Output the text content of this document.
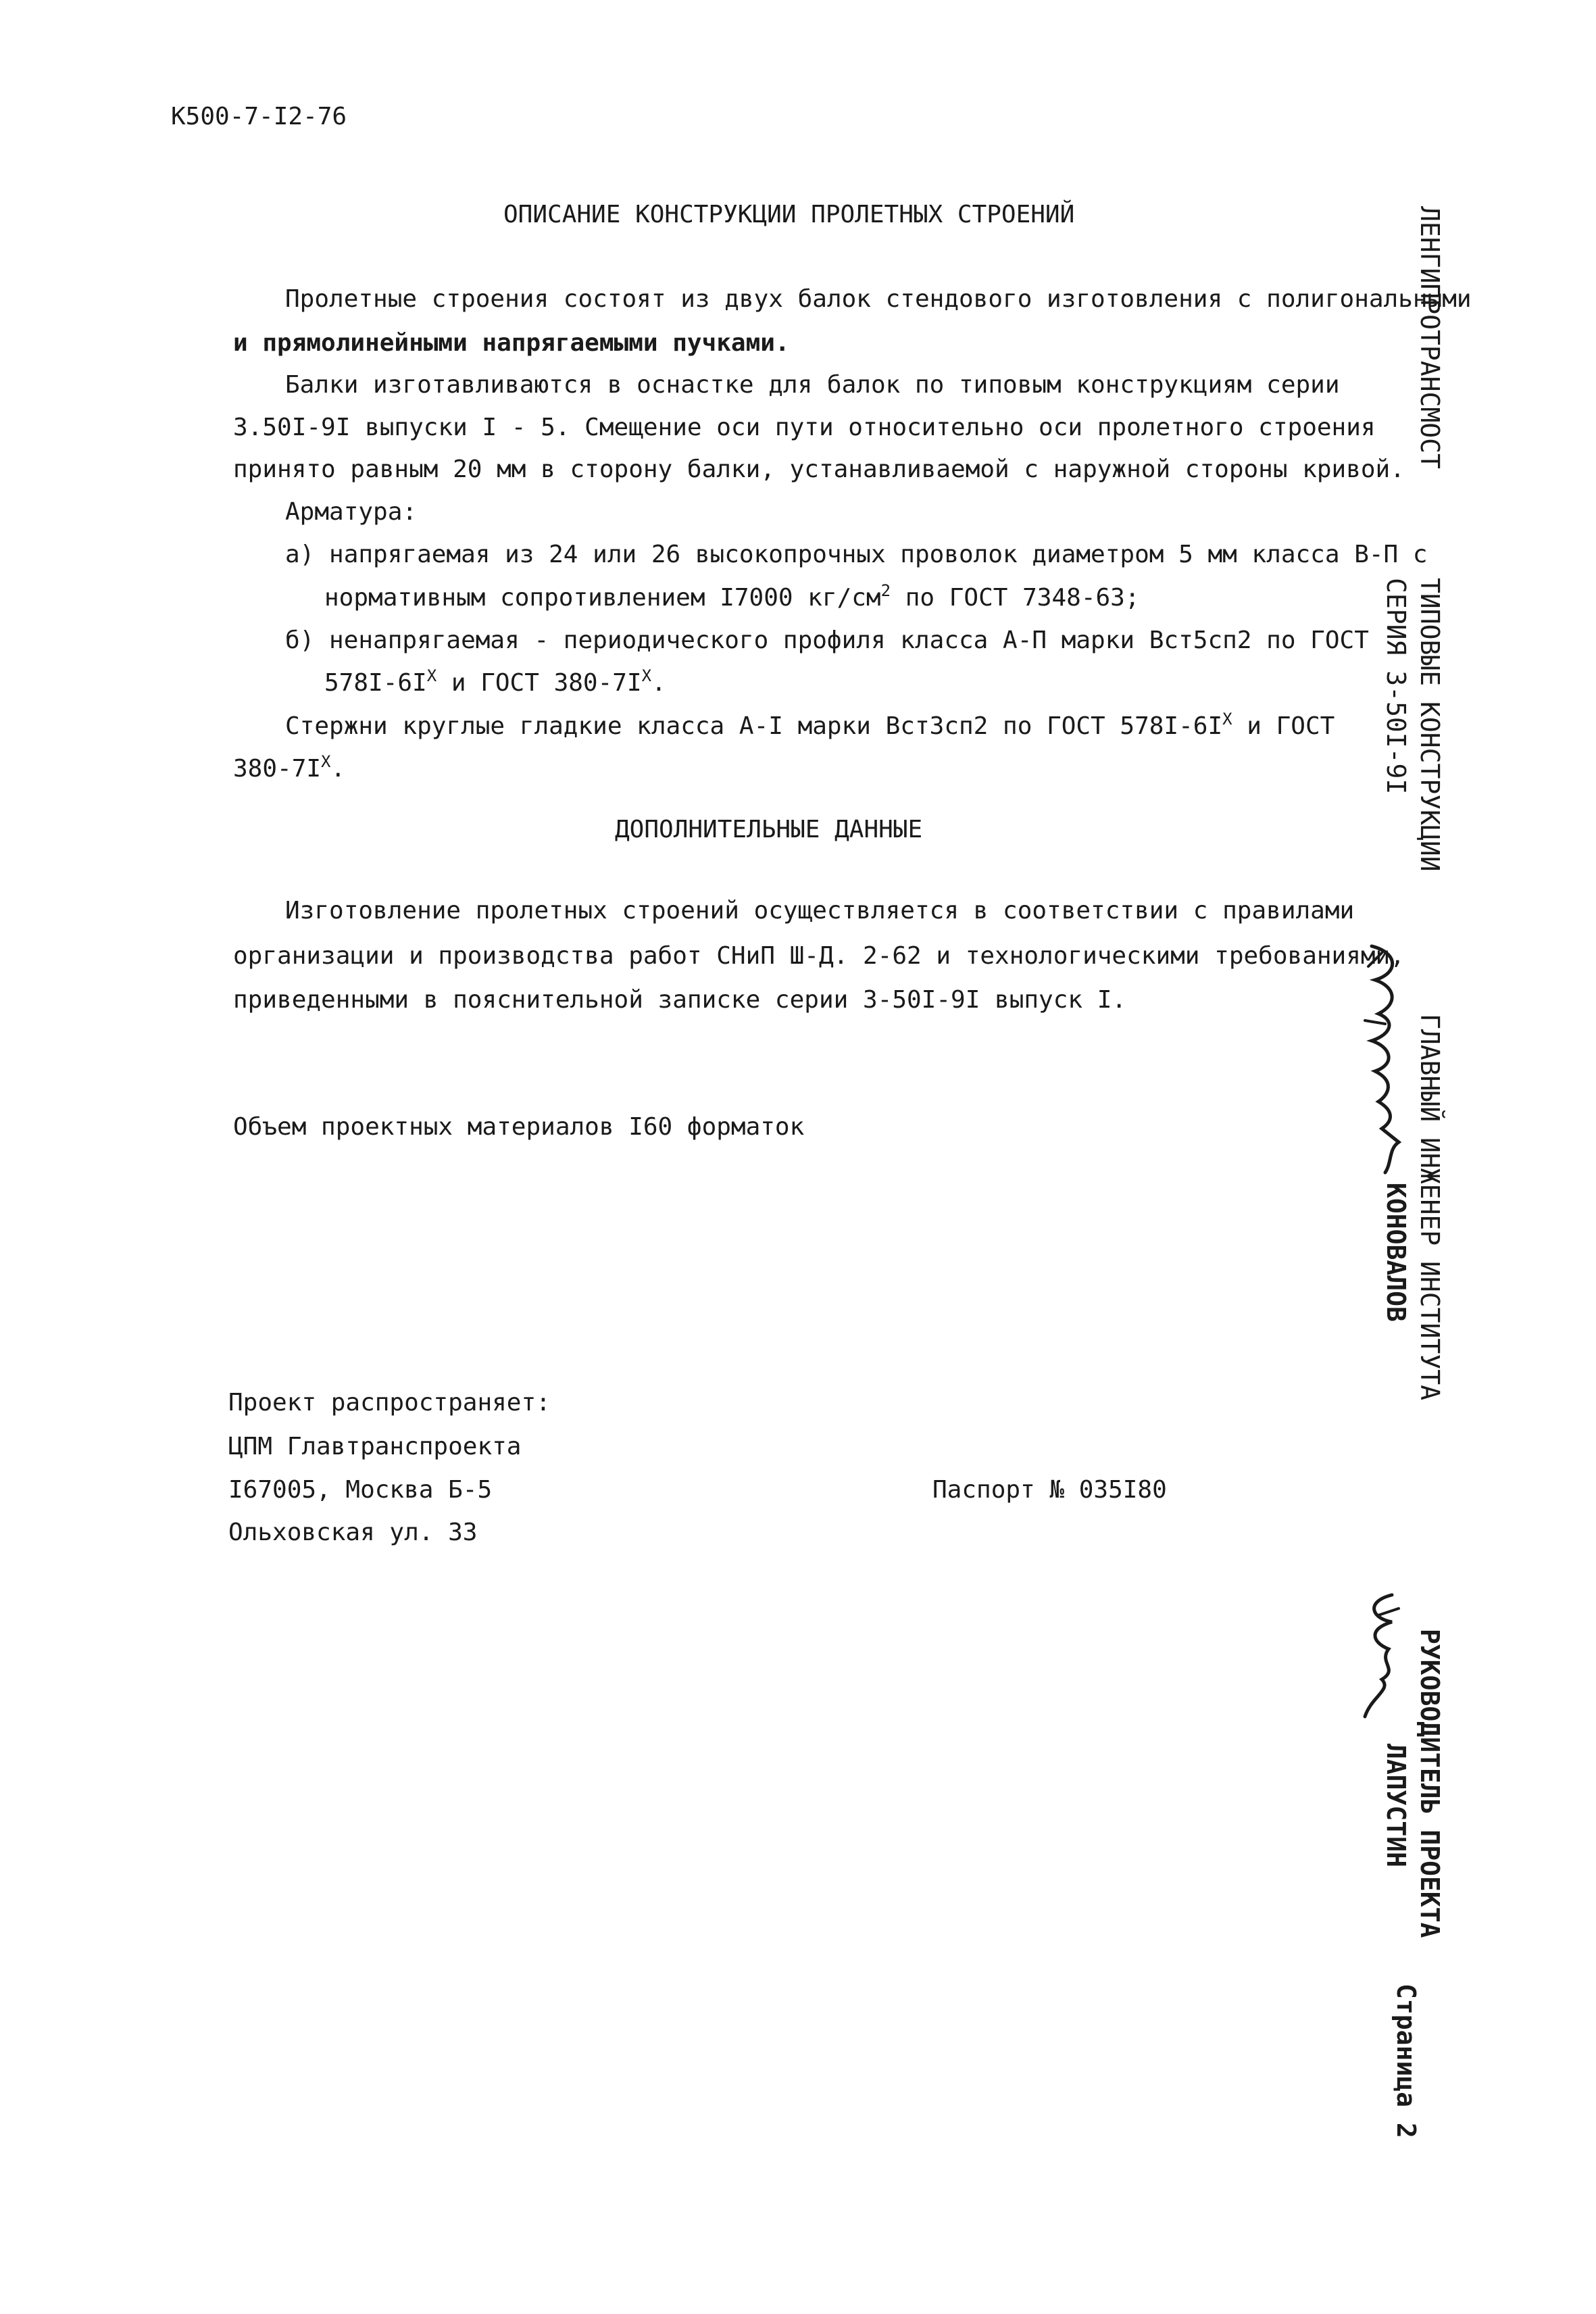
К500-7-I2-76
ОПИСАНИЕ КОНСТРУКЦИИ ПРОЛЕТНЫХ СТРОЕНИЙ
Пролетные строения состоят из двух балок стендового изготовления с полигональными
и прямолинейными напрягаемыми пучками.
Балки изготавливаются в оснастке для балок по типовым конструкциям серии
3.50I-9I выпуски I - 5. Смещение оси пути относительно оси пролетного строения
принято равным 20 мм в сторону балки, устанавливаемой с наружной стороны кривой.
Арматура:
а) напрягаемая из 24 или 26 высокопрочных проволок диаметром 5 мм класса В-П с
нормативным сопротивлением I7000 $кг/см^2$ по ГОСТ 7348-63;
б) ненапрягаемая - периодического профиля класса А-П марки Вст5сп2 по ГОСТ
$578I-6I^Х$ и ГОСТ $380-7I^Х$.
Стержни круглые гладкие класса А-I марки Вст3сп2 по ГОСТ $578I-6I^Х$ и ГОСТ
$380-7I^Х$.
ДОПОЛНИТЕЛЬНЫЕ ДАННЫЕ
Изготовление пролетных строений осуществляется в соответствии с правилами
организации и производства работ СНиП Ш-Д. 2-62 и технологическими требованиями,
приведенными в пояснительной записке серии 3-50I-9I выпуск I.
Объем проектных материалов I60 форматок
Проект распространяет:
ЦПМ Главтранспроекта
I67005, Москва Б-5
Ольховская ул. 33
Паспорт № 035I80
ЛЕНГИПРОТРАНСМОСТ
ТИПОВЫЕ КОНСТРУКЦИИ
СЕРИЯ 3-50I-9I
ГЛАВНЫЙ ИНЖЕНЕР ИНСТИТУТА
КОНОВАЛОВ
РУКОВОДИТЕЛЬ ПРОЕКТА
ЛАПУСТИН
Страница 2
